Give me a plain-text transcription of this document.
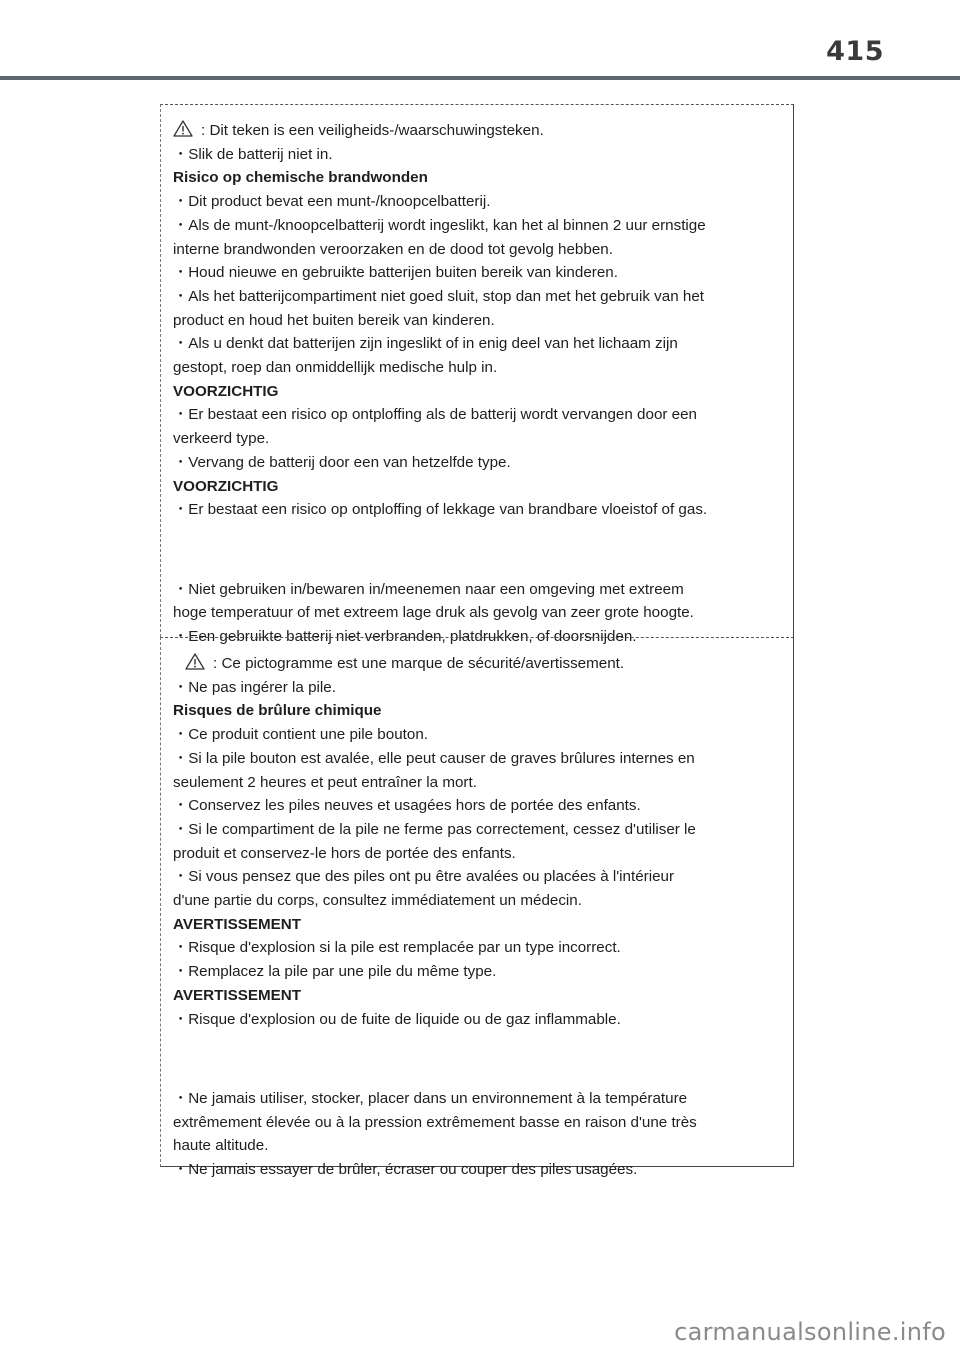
415

: Dit teken is een veiligheids-/waarschuwingsteken.

・Slik de batterij niet in.

Risico op chemische brandwonden

・Dit product bevat een munt-/knoopcelbatterij.

・Als de munt-/knoopcelbatterij wordt ingeslikt, kan het al binnen 2 uur ernstige

interne brandwonden veroorzaken en de dood tot gevolg hebben.

・Houd nieuwe en gebruikte batterijen buiten bereik van kinderen.

・Als het batterijcompartiment niet goed sluit, stop dan met het gebruik van het

product en houd het buiten bereik van kinderen.

・Als u denkt dat batterijen zijn ingeslikt of in enig deel van het lichaam zijn

gestopt, roep dan onmiddellijk medische hulp in.

VOORZICHTIG

・Er bestaat een risico op ontploffing als de batterij wordt vervangen door een

verkeerd type.

・Vervang de batterij door een van hetzelfde type.

VOORZICHTIG

・Er bestaat een risico op ontploffing of lekkage van brandbare vloeistof of gas.

・Niet gebruiken in/bewaren in/meenemen naar een omgeving met extreem

hoge temperatuur of met extreem lage druk als gevolg van zeer grote hoogte.

・Een gebruikte batterij niet verbranden, platdrukken, of doorsnijden.

: Ce pictogramme est une marque de sécurité/avertissement.

・Ne pas ingérer la pile.

Risques de brûlure chimique

・Ce produit contient une pile bouton.

・Si la pile bouton est avalée, elle peut causer de graves brûlures internes en

seulement 2 heures et peut entraîner la mort.

・Conservez les piles neuves et usagées hors de portée des enfants.

・Si le compartiment de la pile ne ferme pas correctement, cessez d'utiliser le

produit et conservez-le hors de portée des enfants.

・Si vous pensez que des piles ont pu être avalées ou placées à l'intérieur

d'une partie du corps, consultez immédiatement un médecin.

AVERTISSEMENT

・Risque d'explosion si la pile est remplacée par un type incorrect.

・Remplacez la pile par une pile du même type.

AVERTISSEMENT

・Risque d'explosion ou de fuite de liquide ou de gaz inflammable.

・Ne jamais utiliser, stocker, placer dans un environnement à la température

extrêmement élevée ou à la pression extrêmement basse en raison d'une très

haute altitude.

・Ne jamais essayer de brûler, écraser ou couper des piles usagées.

carmanualsonline.info
